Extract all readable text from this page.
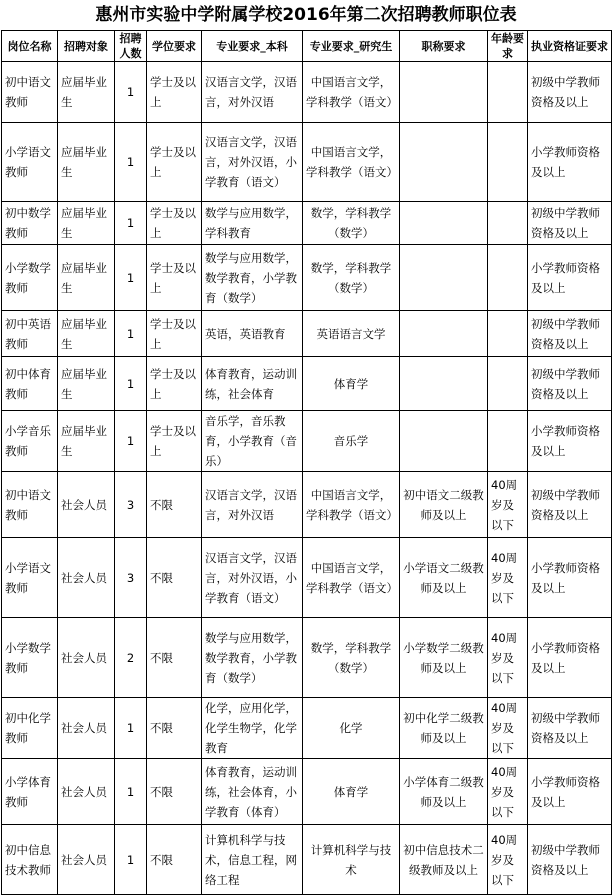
惠州市实验中学附属学校2016年第二次招聘教师职位表
岗位名称	招聘对象	招聘人数	学位要求	专业要求_本科	专业要求_研究生	职称要求	年龄要求	执业资格证要求
初中语文教师	应届毕业生	1	学士及以上	汉语言文学，汉语言，对外汉语	中国语言文学，学科教学（语文）			初级中学教师资格及以上
小学语文教师	应届毕业生	1	学士及以上	汉语言文学，汉语言，对外汉语，小学教育（语文）	中国语言文学，学科教学（语文）			小学教师资格及以上
初中数学教师	应届毕业生	1	学士及以上	数学与应用数学，学科教育	数学，学科教学（数学）			初级中学教师资格及以上
小学数学教师	应届毕业生	1	学士及以上	数学与应用数学，数学教育，小学教育（数学）	数学，学科教学（数学）			小学教师资格及以上
初中英语教师	应届毕业生	1	学士及以上	英语，英语教育	英语语言文学			初级中学教师资格及以上
初中体育教师	应届毕业生	1	学士及以上	体育教育，运动训练，社会体育	体育学			初级中学教师资格及以上
小学音乐教师	应届毕业生	1	学士及以上	音乐学，音乐教育，小学教育（音乐）	音乐学			小学教师资格及以上
初中语文教师	社会人员	3	不限	汉语言文学，汉语言，对外汉语	中国语言文学，学科教学（语文）	初中语文二级教师及以上	40周岁及以下	初级中学教师资格及以上
小学语文教师	社会人员	3	不限	汉语言文学，汉语言，对外汉语，小学教育（语文）	中国语言文学，学科教学（语文）	小学语文二级教师及以上	40周岁及以下	小学教师资格及以上
小学数学教师	社会人员	2	不限	数学与应用数学，数学教育，小学教育（数学）	数学，学科教学（数学）	小学数学二级教师及以上	40周岁及以下	小学教师资格及以上
初中化学教师	社会人员	1	不限	化学，应用化学，化学生物学，化学教育	化学	初中化学二级教师及以上	40周岁及以下	初级中学教师资格及以上
小学体育教师	社会人员	1	不限	体育教育，运动训练，社会体育，小学教育（体育）	体育学	小学体育二级教师及以上	40周岁及以下	小学教师资格及以上
初中信息技术教师	社会人员	1	不限	计算机科学与技术，信息工程，网络工程	计算机科学与技术	初中信息技术二级教师及以上	40周岁及以下	初级中学教师资格及以上
